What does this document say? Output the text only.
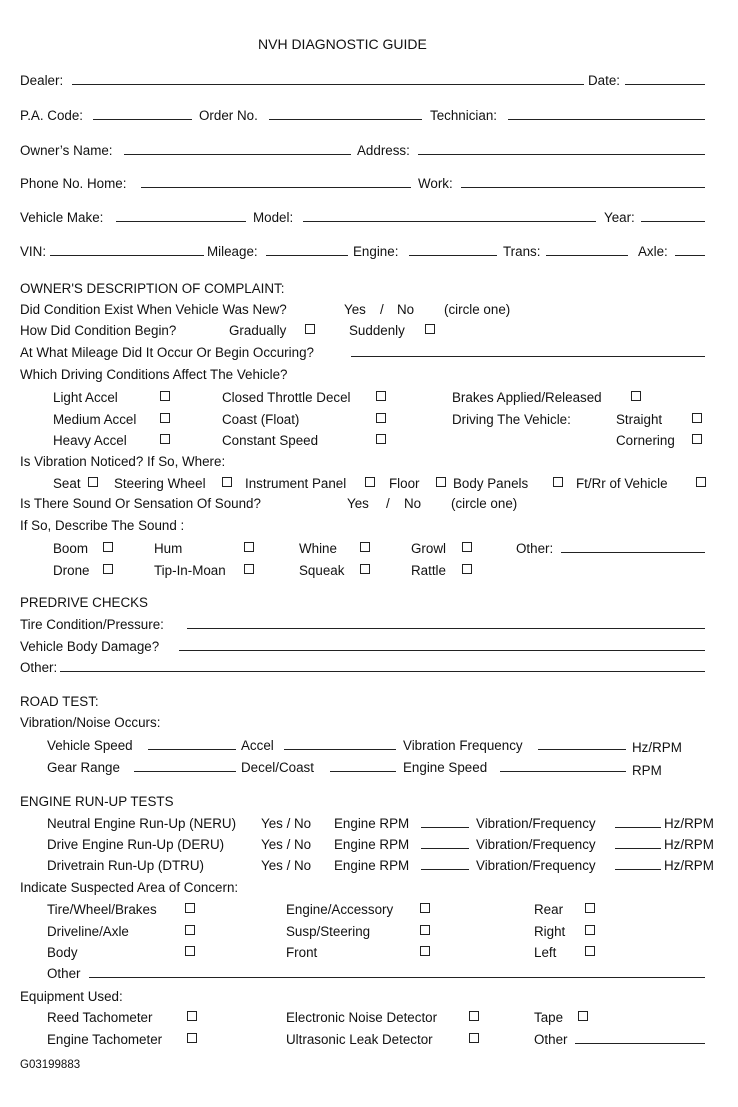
NVH DIAGNOSTIC GUIDE
Dealer:	Date:
P.A. Code:	Order No.	Technician:
Owner’s Name:	Address:
Phone No. Home:	Work:
Vehicle Make:	Model:	Year:
VIN:	Mileage:	Engine:	Trans:	Axle:
OWNER'S DESCRIPTION OF COMPLAINT:
Did Condition Exist When Vehicle Was New?	Yes / No (circle one)
How Did Condition Begin?	Gradually	Suddenly
At What Mileage Did It Occur Or Begin Occuring?
Which Driving Conditions Affect The Vehicle?
Light Accel	Closed Throttle Decel	Brakes Applied/Released
Medium Accel	Coast (Float)	Driving The Vehicle:	Straight
Heavy Accel	Constant Speed	Cornering
Is Vibration Noticed? If So, Where:
Seat Steering Wheel	Instrument Panel	Floor Body Panels	Ft/Rr of Vehicle
Is There Sound Or Sensation Of Sound?	Yes / No (circle one)
If So, Describe The Sound :
Boom	Hum	Whine	Growl	Other:
Drone	Tip-In-Moan	Squeak	Rattle
PREDRIVE CHECKS
Tire Condition/Pressure:
Vehicle Body Damage?
Other:
ROAD TEST:
Vibration/Noise Occurs:
Vehicle Speed	Accel	Vibration Frequency	Hz/RPM
Gear Range	Decel/Coast	Engine Speed	RPM
ENGINE RUN-UP TESTS
Neutral Engine Run-Up (NERU) Yes / No Engine RPM	Vibration/Frequency	Hz/RPM
Drive Engine Run-Up (DERU)	Yes / No Engine RPM	Vibration/Frequency	Hz/RPM
Drivetrain Run-Up (DTRU)	Yes / No Engine RPM	Vibration/Frequency	Hz/RPM
Indicate Suspected Area of Concern:
Tire/Wheel/Brakes	Engine/Accessory	Rear
Driveline/Axle	Susp/Steering	Right
Body	Front	Left
Other
Equipment Used:
Reed Tachometer	Electronic Noise Detector	Tape
Engine Tachometer	Ultrasonic Leak Detector	Other
G03199883
